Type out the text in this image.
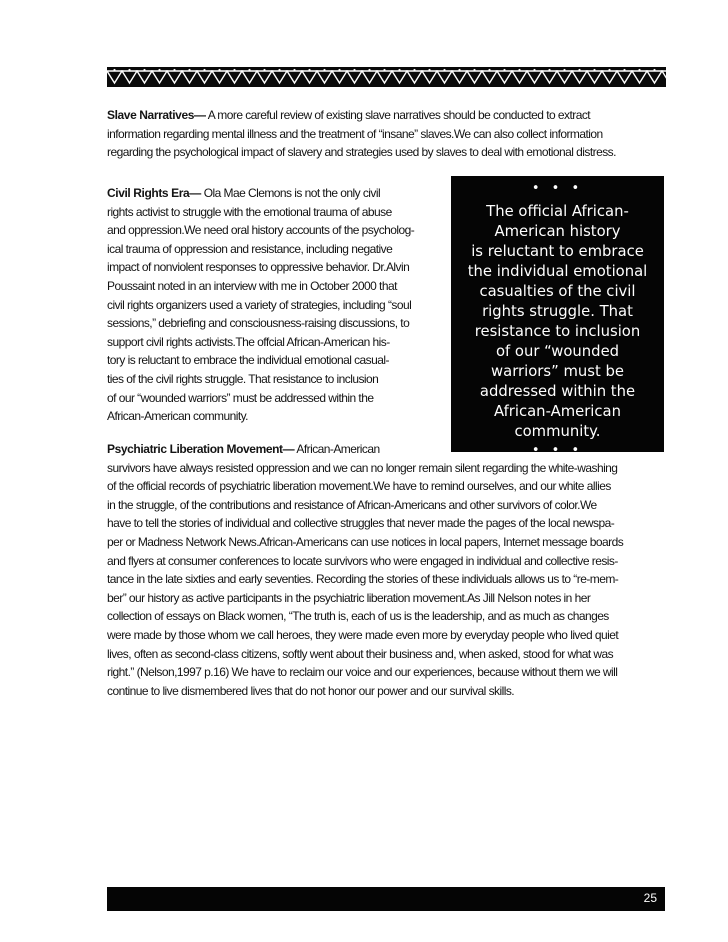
Slave Narratives— A more careful review of existing slave narratives should be conducted to extract
information regarding mental illness and the treatment of “insane” slaves.We can also collect information
regarding the psychological impact of slavery and strategies used by slaves to deal with emotional distress.
Civil Rights Era— Ola Mae Clemons is not the only civil
rights activist to struggle with the emotional trauma of abuse
and oppression.We need oral history accounts of the psycholog-
ical trauma of oppression and resistance, including negative
impact of nonviolent responses to oppressive behavior. Dr.Alvin
Poussaint noted in an interview with me in October 2000 that
civil rights organizers used a variety of strategies, including “soul
sessions,” debriefing and consciousness-raising discussions, to
support civil rights activists.The offcial African-American his-
tory is reluctant to embrace the individual emotional casual-
ties of the civil rights struggle. That resistance to inclusion
of our “wounded warriors” must be addressed within the
African-American community.
• • •
The official African-
American history
is reluctant to embrace
the individual emotional
casualties of the civil
rights struggle. That
resistance to inclusion
of our “wounded
warriors” must be
addressed within the
African-American
community.
• • •
Psychiatric Liberation Movement— African-American
survivors have always resisted oppression and we can no longer remain silent regarding the white-washing
of the official records of psychiatric liberation movement.We have to remind ourselves, and our white allies
in the struggle, of the contributions and resistance of African-Americans and other survivors of color.We
have to tell the stories of individual and collective struggles that never made the pages of the local newspa-
per or Madness Network News.African-Americans can use notices in local papers, Internet message boards
and flyers at consumer conferences to locate survivors who were engaged in individual and collective resis-
tance in the late sixties and early seventies. Recording the stories of these individuals allows us to “re-mem-
ber” our history as active participants in the psychiatric liberation movement.As Jill Nelson notes in her
collection of essays on Black women, “The truth is, each of us is the leadership, and as much as changes
were made by those whom we call heroes, they were made even more by everyday people who lived quiet
lives, often as second-class citizens, softly went about their business and, when asked, stood for what was
right.” (Nelson,1997 p.16) We have to reclaim our voice and our experiences, because without them we will
continue to live dismembered lives that do not honor our power and our survival skills.
25
